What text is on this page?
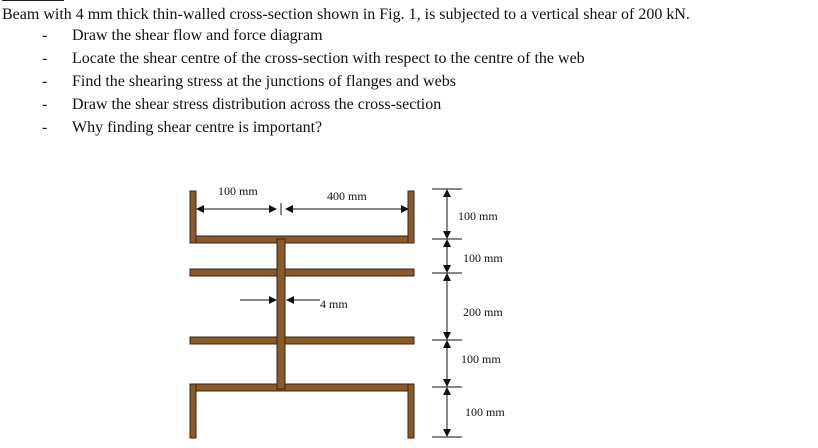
Beam with 4 mm thick thin-walled cross-section shown in Fig. 1, is subjected to a vertical shear of 200 kN.

- Draw the shear flow and force diagram
- Locate the shear centre of the cross-section with respect to the centre of the web
- Find the shearing stress at the junctions of flanges and webs
- Draw the shear stress distribution across the cross-section
- Why finding shear centre is important?
100 mm	400 mm
4 mm
100 mm
100 mm
200 mm
100 mm
100 mm
